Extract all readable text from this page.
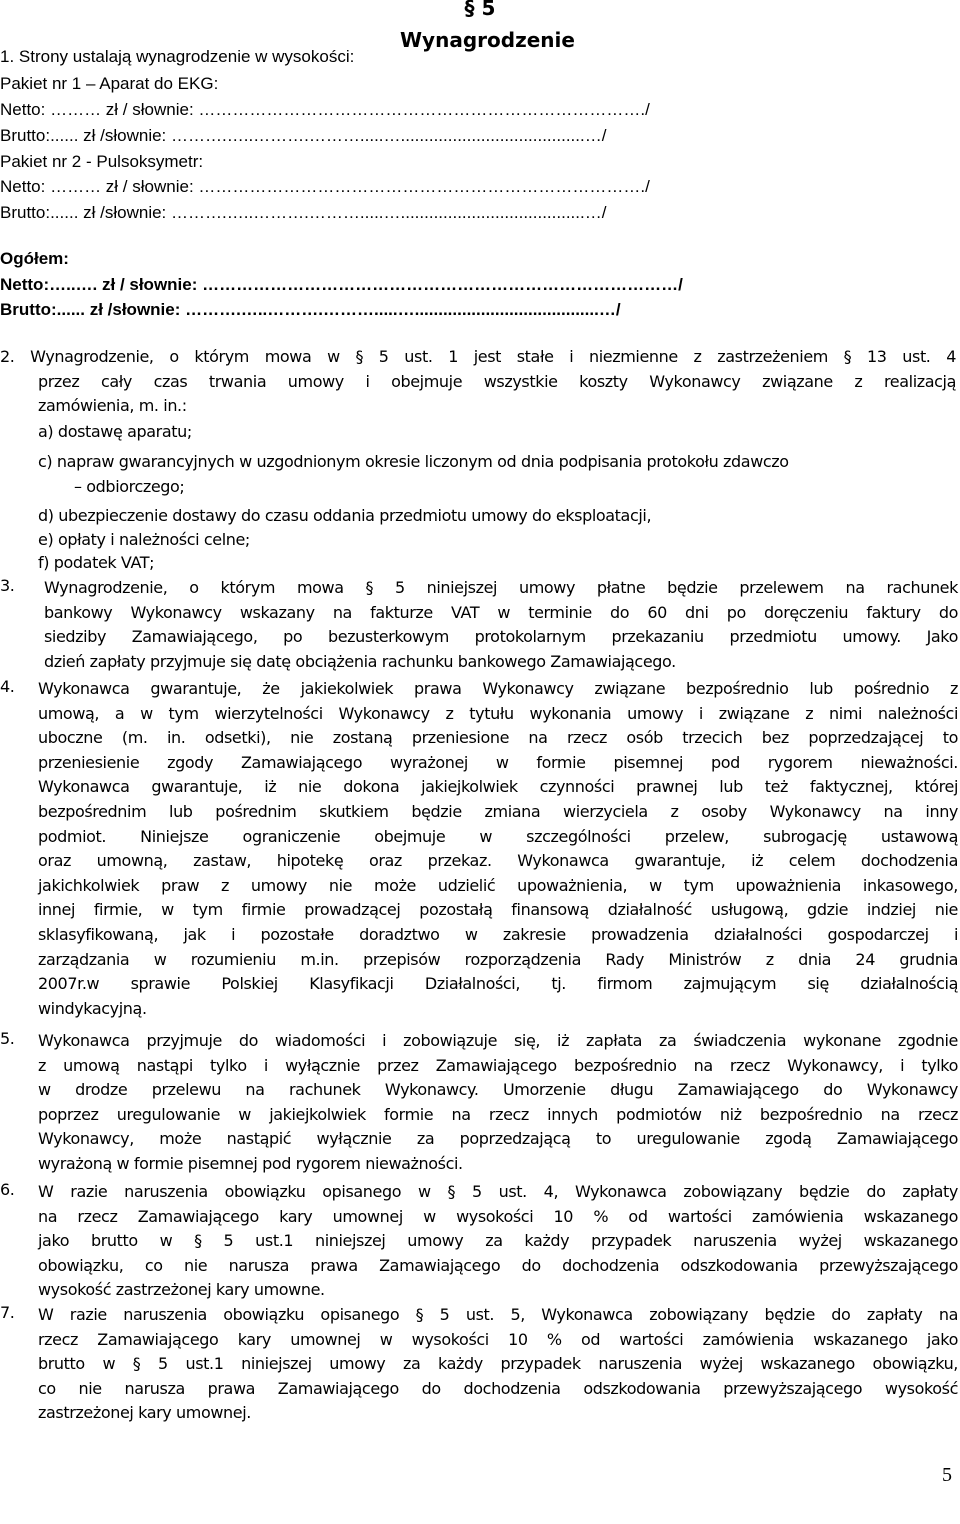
§ 5
Wynagrodzenie
1. Strony ustalają wynagrodzenie w wysokości:
Pakiet nr 1 – Aparat do EKG:
Netto: ……… zł / słownie: ……………………………………………………………………./
Brutto:...... zł /słownie: ……….…..……….……….....….......................................…/
Pakiet nr 2 - Pulsoksymetr:
Netto: ……… zł / słownie: ……………………………………………………………………./
Brutto:...... zł /słownie: ……….…..……….……….....….......................................…/
Ogółem:
Netto:…..…. zł / słownie: …………………………………………………………………………/
Brutto:...... zł /słownie: ……….…..……….……….....….......................................…/
2. Wynagrodzenie, o którym mowa w § 5 ust. 1 jest stałe i niezmienne z zastrzeżeniem § 13 ust. 4
przez cały czas trwania umowy i obejmuje wszystkie koszty Wykonawcy związane z realizacją
zamówienia, m. in.:
a) dostawę aparatu;
c) napraw gwarancyjnych w uzgodnionym okresie liczonym od dnia podpisania protokołu zdawczo
– odbiorczego;
d) ubezpieczenie dostawy do czasu oddania przedmiotu umowy do eksploatacji,
e) opłaty i należności celne;
f) podatek VAT;
3. Wynagrodzenie, o którym mowa § 5 niniejszej umowy płatne będzie przelewem na rachunek

bankowy Wykonawcy wskazany na fakturze VAT w terminie do 60 dni po doręczeniu faktury do

siedziby Zamawiającego, po bezusterkowym protokolarnym przekazaniu przedmiotu umowy. Jako

dzień zapłaty przyjmuje się datę obciążenia rachunku bankowego Zamawiającego.

4. Wykonawca gwarantuje, że jakiekolwiek prawa Wykonawcy związane bezpośrednio lub pośrednio z

umową, a w tym wierzytelności Wykonawcy z tytułu wykonania umowy i związane z nimi należności

uboczne (m. in. odsetki), nie zostaną przeniesione na rzecz osób trzecich bez poprzedzającej to

przeniesienie zgody Zamawiającego wyrażonej w formie pisemnej pod rygorem nieważności.

Wykonawca gwarantuje, iż nie dokona jakiejkolwiek czynności prawnej lub też faktycznej, której

bezpośrednim lub pośrednim skutkiem będzie zmiana wierzyciela z osoby Wykonawcy na inny

podmiot. Niniejsze ograniczenie obejmuje w szczególności przelew, subrogację ustawową

oraz umowną, zastaw, hipotekę oraz przekaz. Wykonawca gwarantuje, iż celem dochodzenia

jakichkolwiek praw z umowy nie może udzielić upoważnienia, w tym upoważnienia inkasowego,

innej firmie, w tym firmie prowadzącej pozostałą finansową działalność usługową, gdzie indziej nie

sklasyfikowaną, jak i pozostałe doradztwo w zakresie prowadzenia działalności gospodarczej i

zarządzania w rozumieniu m.in. przepisów rozporządzenia Rady Ministrów z dnia 24 grudnia

2007r.w sprawie Polskiej Klasyfikacji Działalności, tj. firmom zajmującym się działalnością

windykacyjną.

5. Wykonawca przyjmuje do wiadomości i zobowiązuje się, iż zapłata za świadczenia wykonane zgodnie

z umową nastąpi tylko i wyłącznie przez Zamawiającego bezpośrednio na rzecz Wykonawcy, i tylko

w drodze przelewu na rachunek Wykonawcy. Umorzenie długu Zamawiającego do Wykonawcy

poprzez uregulowanie w jakiejkolwiek formie na rzecz innych podmiotów niż bezpośrednio na rzecz

Wykonawcy, może nastąpić wyłącznie za poprzedzającą to uregulowanie zgodą Zamawiającego

wyrażoną w formie pisemnej pod rygorem nieważności.

6. W razie naruszenia obowiązku opisanego w § 5 ust. 4, Wykonawca zobowiązany będzie do zapłaty

na rzecz Zamawiającego kary umownej w wysokości 10 % od wartości zamówienia wskazanego

jako brutto w § 5 ust.1 niniejszej umowy za każdy przypadek naruszenia wyżej wskazanego

obowiązku, co nie narusza prawa Zamawiającego do dochodzenia odszkodowania przewyższającego

wysokość zastrzeżonej kary umowne.

7. W razie naruszenia obowiązku opisanego § 5 ust. 5, Wykonawca zobowiązany będzie do zapłaty na

rzecz Zamawiającego kary umownej w wysokości 10 % od wartości zamówienia wskazanego jako

brutto w § 5 ust.1 niniejszej umowy za każdy przypadek naruszenia wyżej wskazanego obowiązku,

co nie narusza prawa Zamawiającego do dochodzenia odszkodowania przewyższającego wysokość

zastrzeżonej kary umownej.

5
